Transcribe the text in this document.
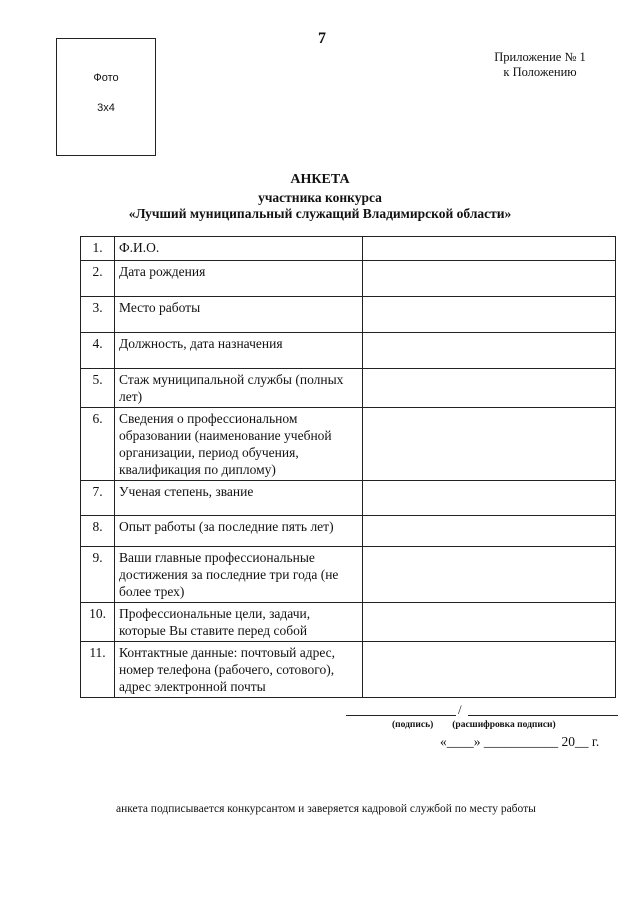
Фото
3x4
7
Приложение № 1
к Положению
АНКЕТА
участника конкурса
«Лучший муниципальный служащий Владимирской области»
1.	Ф.И.О.	
2.	Дата рождения	
3.	Место работы	
4.	Должность, дата назначения	
5.	Стаж муниципальной службы (полных лет)	
6.	Сведения о профессиональном образовании (наименование учебной организации, период обучения, квалификация по диплому)	
7.	Ученая степень, звание	
8.	Опыт работы (за последние пять лет)	
9.	Ваши главные профессиональные достижения за последние три года (не более трех)	
10.	Профессиональные цели, задачи, которые Вы ставите перед собой	
11.	Контактные данные: почтовый адрес, номер телефона (рабочего, сотового), адрес электронной почты	
/
(подпись)        (расшифровка подписи)
«____» ___________ 20__ г.
анкета подписывается конкурсантом и заверяется кадровой службой по месту работы
